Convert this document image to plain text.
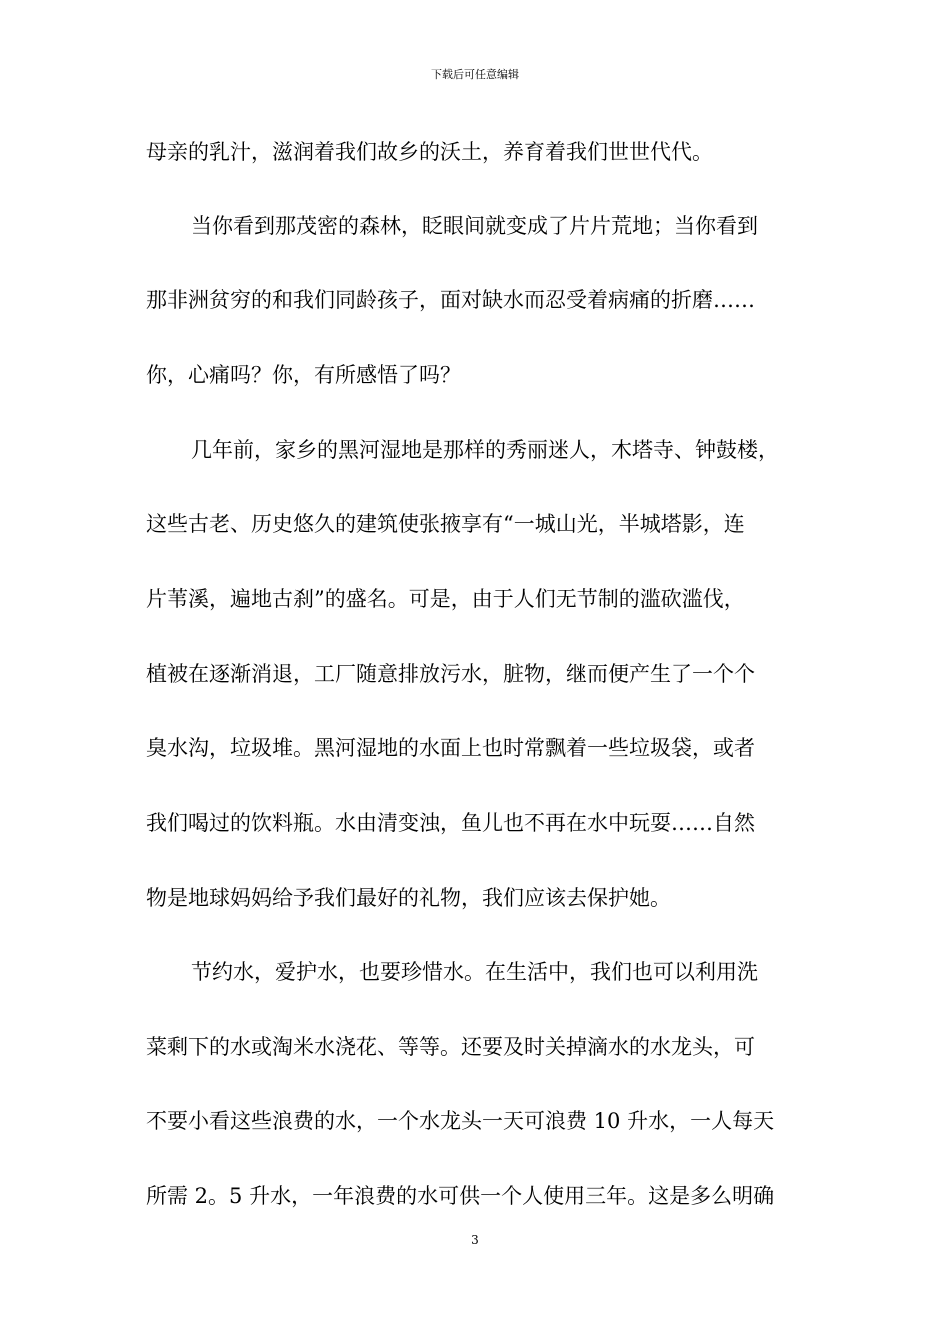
下载后可任意编辑
母亲的乳汁，滋润着我们故乡的沃土，养育着我们世世代代。
当你看到那茂密的森林，眨眼间就变成了片片荒地；当你看到
那非洲贫穷的和我们同龄孩子，面对缺水而忍受着病痛的折磨……
你，心痛吗？你，有所感悟了吗？
几年前，家乡的黑河湿地是那样的秀丽迷人，木塔寺、钟鼓楼，
这些古老、历史悠久的建筑使张掖享有“一城山光，半城塔影，连
片苇溪，遍地古刹”的盛名。可是，由于人们无节制的滥砍滥伐，
植被在逐渐消退，工厂随意排放污水，脏物，继而便产生了一个个
臭水沟，垃圾堆。黑河湿地的水面上也时常飘着一些垃圾袋，或者
我们喝过的饮料瓶。水由清变浊，鱼儿也不再在水中玩耍……自然
物是地球妈妈给予我们最好的礼物，我们应该去保护她。
节约水，爱护水，也要珍惜水。在生活中，我们也可以利用洗
菜剩下的水或淘米水浇花、等等。还要及时关掉滴水的水龙头，可
不要小看这些浪费的水，一个水龙头一天可浪费 10 升水，一人每天
所需 2。5 升水，一年浪费的水可供一个人使用三年。这是多么明确
3
